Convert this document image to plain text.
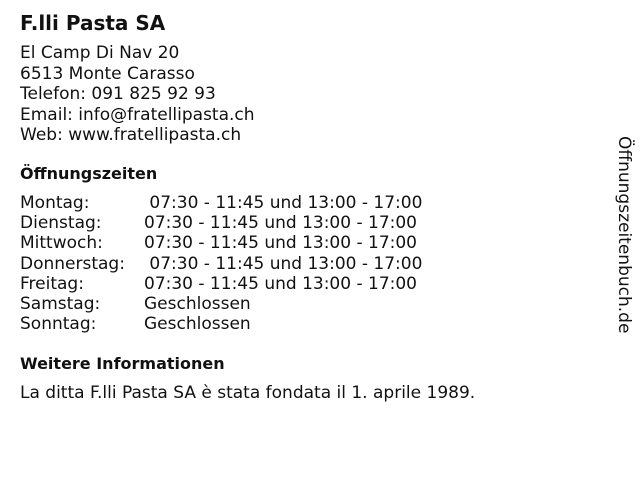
F.lli Pasta SA
El Camp Di Nav 20
6513 Monte Carasso
Telefon: 091 825 92 93
Email: info@fratellipasta.ch
Web: www.fratellipasta.ch
Öffnungszeiten
Montag:	07:30 - 11:45 und 13:00 - 17:00
Dienstag:	07:30 - 11:45 und 13:00 - 17:00
Mittwoch:	07:30 - 11:45 und 13:00 - 17:00
Donnerstag:	07:30 - 11:45 und 13:00 - 17:00
Freitag:	07:30 - 11:45 und 13:00 - 17:00
Samstag:	Geschlossen
Sonntag:	Geschlossen
Weitere Informationen
La ditta F.lli Pasta SA è stata fondata il 1. aprile 1989.
Öffnungszeitenbuch.de
